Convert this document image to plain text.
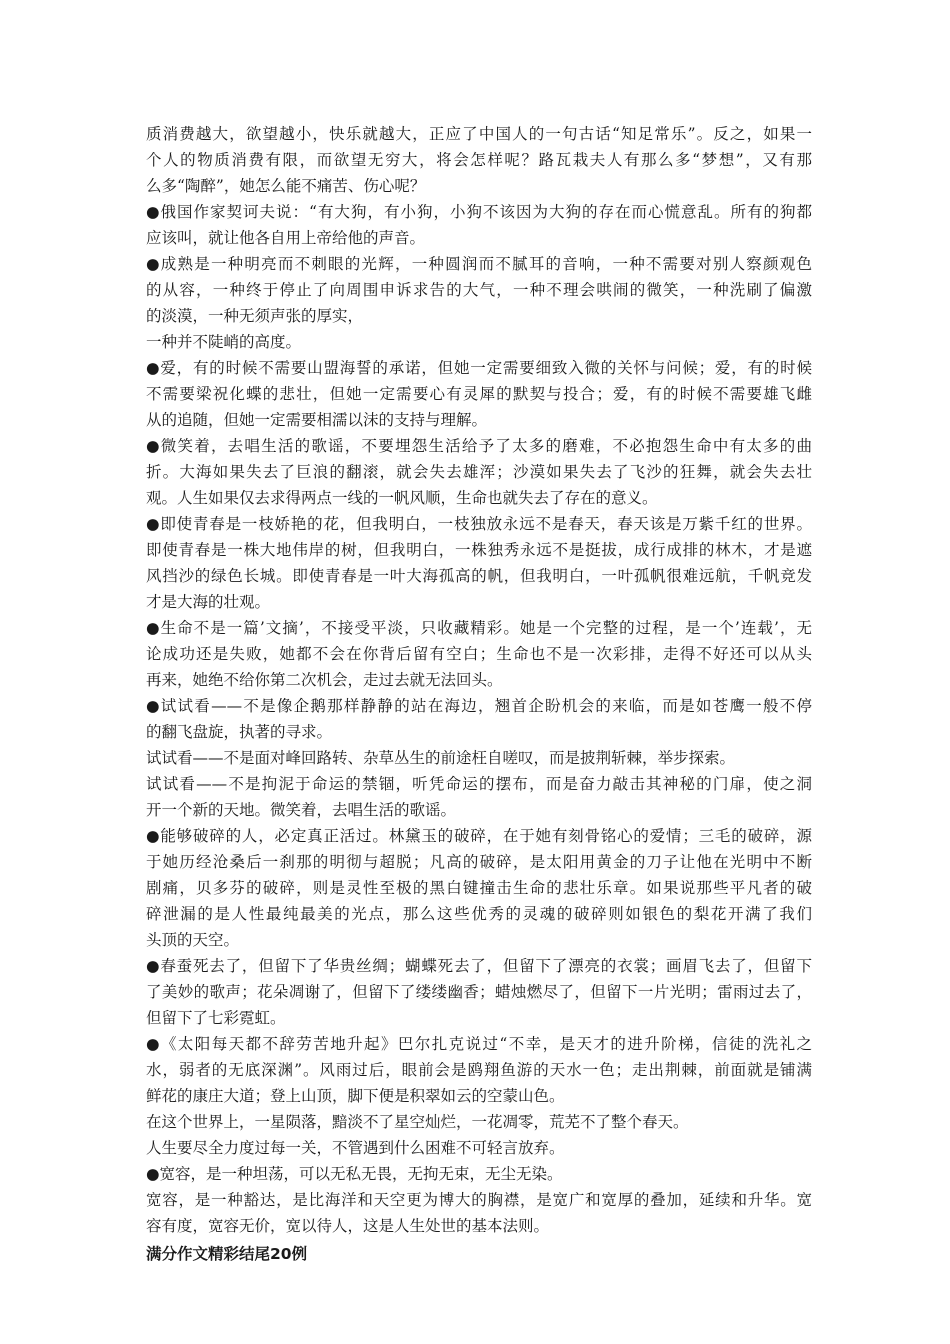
质消费越大，欲望越小，快乐就越大，正应了中国人的一句古话“知足常乐”。反之，如果一
个人的物质消费有限，而欲望无穷大，将会怎样呢？路瓦栽夫人有那么多“梦想”，又有那
么多“陶醉”，她怎么能不痛苦、伤心呢？
●俄国作家契诃夫说：“有大狗，有小狗，小狗不该因为大狗的存在而心慌意乱。所有的狗都
应该叫，就让他各自用上帝给他的声音。
●成熟是一种明亮而不刺眼的光辉，一种圆润而不腻耳的音响，一种不需要对别人察颜观色
的从容，一种终于停止了向周围申诉求告的大气，一种不理会哄闹的微笑，一种洗刷了偏激
的淡漠，一种无须声张的厚实，
一种并不陡峭的高度。
●爱，有的时候不需要山盟海誓的承诺，但她一定需要细致入微的关怀与问候；爱，有的时候
不需要梁祝化蝶的悲壮，但她一定需要心有灵犀的默契与投合；爱，有的时候不需要雄飞雌
从的追随，但她一定需要相濡以沫的支持与理解。
●微笑着，去唱生活的歌谣，不要埋怨生活给予了太多的磨难，不必抱怨生命中有太多的曲
折。大海如果失去了巨浪的翻滚，就会失去雄浑；沙漠如果失去了飞沙的狂舞，就会失去壮
观。人生如果仅去求得两点一线的一帆风顺，生命也就失去了存在的意义。
●即使青春是一枝娇艳的花，但我明白，一枝独放永远不是春天，春天该是万紫千红的世界。
即使青春是一株大地伟岸的树，但我明白，一株独秀永远不是挺拔，成行成排的林木，才是遮
风挡沙的绿色长城。即使青春是一叶大海孤高的帆，但我明白，一叶孤帆很难远航，千帆竞发
才是大海的壮观。
●生命不是一篇’文摘’，不接受平淡，只收藏精彩。她是一个完整的过程，是一个’连载’，无
论成功还是失败，她都不会在你背后留有空白；生命也不是一次彩排，走得不好还可以从头
再来，她绝不给你第二次机会，走过去就无法回头。
●试试看——不是像企鹅那样静静的站在海边，翘首企盼机会的来临，而是如苍鹰一般不停
的翻飞盘旋，执著的寻求。
试试看——不是面对峰回路转、杂草丛生的前途枉自嗟叹，而是披荆斩棘，举步探索。
试试看——不是拘泥于命运的禁锢，听凭命运的摆布，而是奋力敲击其神秘的门扉，使之洞
开一个新的天地。微笑着，去唱生活的歌谣。
●能够破碎的人，必定真正活过。林黛玉的破碎，在于她有刻骨铭心的爱情；三毛的破碎，源
于她历经沧桑后一刹那的明彻与超脱；凡高的破碎，是太阳用黄金的刀子让他在光明中不断
剧痛，贝多芬的破碎，则是灵性至极的黑白键撞击生命的悲壮乐章。如果说那些平凡者的破
碎泄漏的是人性最纯最美的光点，那么这些优秀的灵魂的破碎则如银色的梨花开满了我们
头顶的天空。
●春蚕死去了，但留下了华贵丝绸；蝴蝶死去了，但留下了漂亮的衣裳；画眉飞去了，但留下
了美妙的歌声；花朵凋谢了，但留下了缕缕幽香；蜡烛燃尽了，但留下一片光明；雷雨过去了，
但留下了七彩霓虹。
●《太阳每天都不辞劳苦地升起》巴尔扎克说过“不幸，是天才的进升阶梯，信徒的洗礼之
水，弱者的无底深渊”。风雨过后，眼前会是鸥翔鱼游的天水一色；走出荆棘，前面就是铺满
鲜花的康庄大道；登上山顶，脚下便是积翠如云的空蒙山色。
在这个世界上，一星陨落，黯淡不了星空灿烂，一花凋零，荒芜不了整个春天。
人生要尽全力度过每一关，不管遇到什么困难不可轻言放弃。
●宽容，是一种坦荡，可以无私无畏，无拘无束，无尘无染。
宽容，是一种豁达，是比海洋和天空更为博大的胸襟，是宽广和宽厚的叠加，延续和升华。宽
容有度，宽容无价，宽以待人，这是人生处世的基本法则。
满分作文精彩结尾20例
